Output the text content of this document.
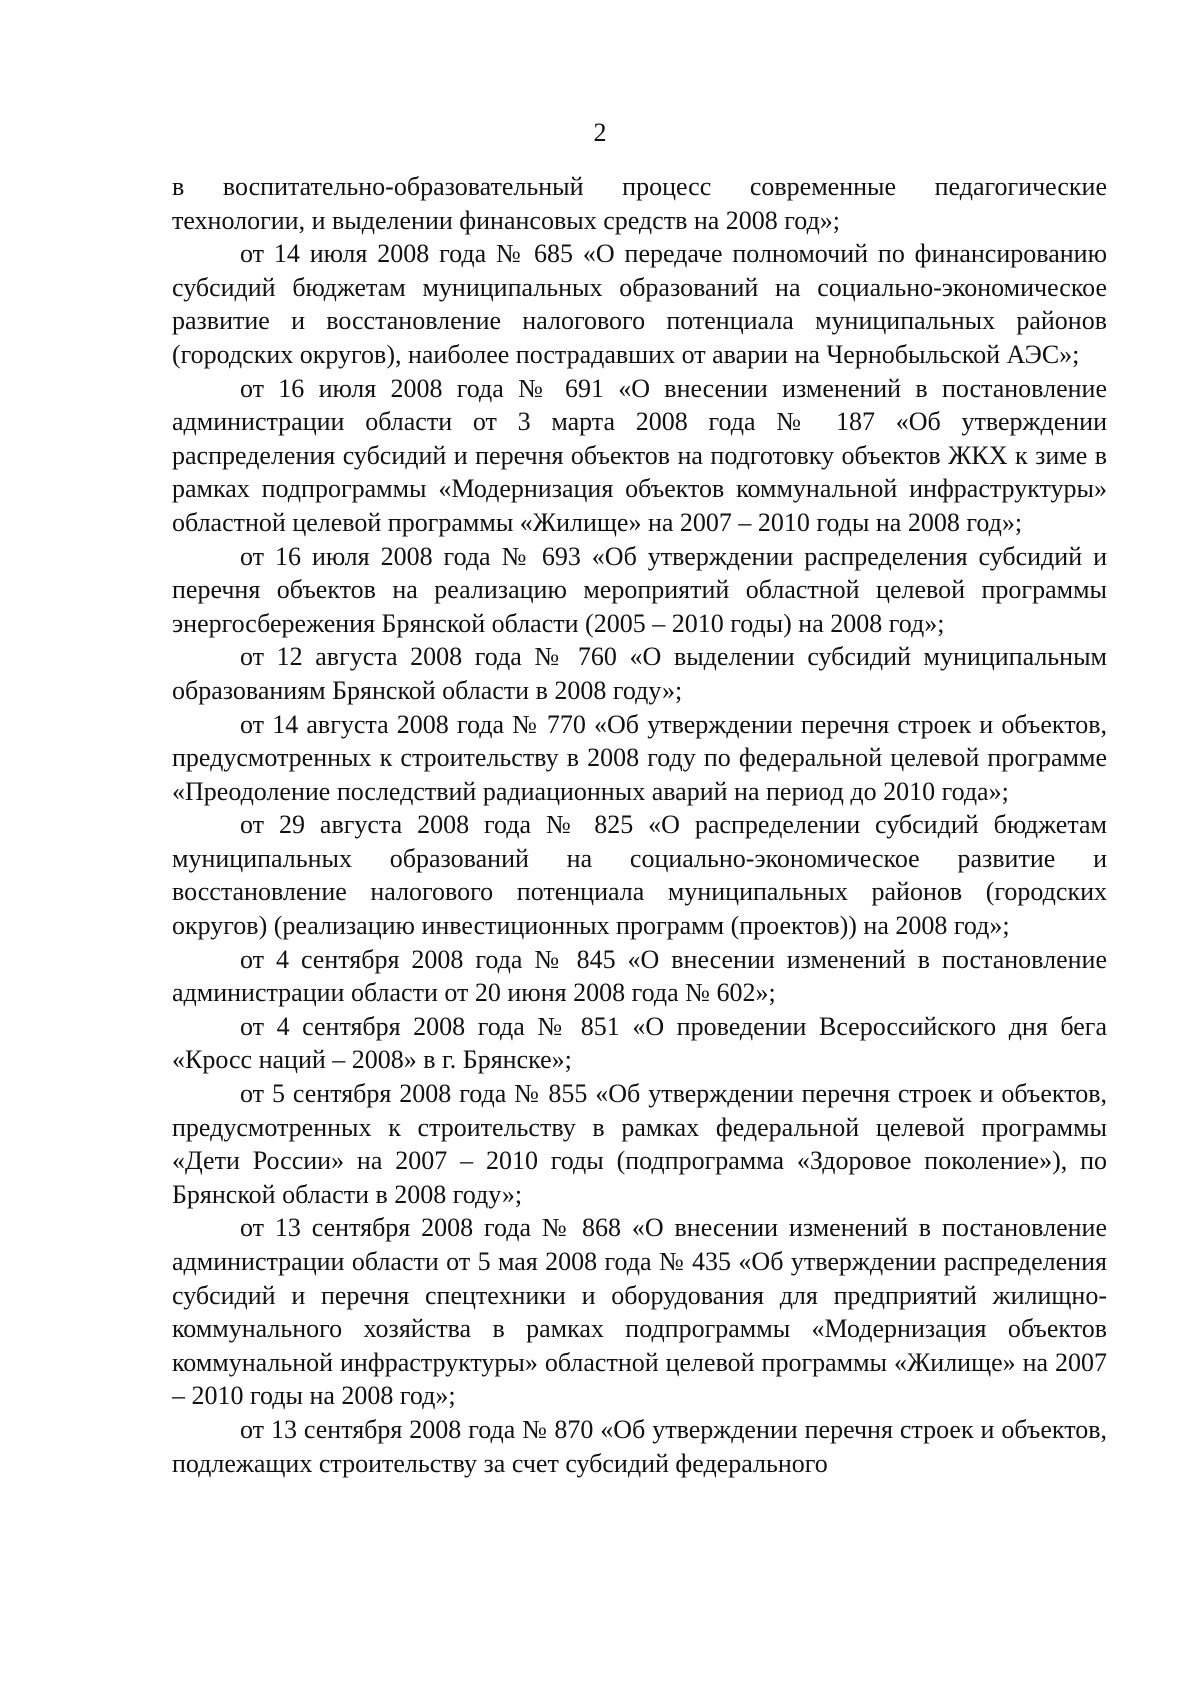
2

в воспитательно-образовательный процесс современные педагогические технологии, и выделении финансовых средств на 2008 год»;

от 14 июля 2008 года № 685 «О передаче полномочий по финансированию субсидий бюджетам муниципальных образований на социально-экономическое развитие и восстановление налогового потенциала муниципальных районов (городских округов), наиболее пострадавших от аварии на Чернобыльской АЭС»;

от 16 июля 2008 года № 691 «О внесении изменений в постановление администрации области от 3 марта 2008 года № 187 «Об утверждении распределения субсидий и перечня объектов на подготовку объектов ЖКХ к зиме в рамках подпрограммы «Модернизация объектов коммунальной инфраструктуры» областной целевой программы «Жилище» на 2007 – 2010 годы на 2008 год»;

от 16 июля 2008 года № 693 «Об утверждении распределения субсидий и перечня объектов на реализацию мероприятий областной целевой программы энергосбережения Брянской области (2005 – 2010 годы) на 2008 год»;

от 12 августа 2008 года № 760 «О выделении субсидий муниципальным образованиям Брянской области в 2008 году»;

от 14 августа 2008 года № 770 «Об утверждении перечня строек и объектов, предусмотренных к строительству в 2008 году по федеральной целевой программе «Преодоление последствий радиационных аварий на период до 2010 года»;

от 29 августа 2008 года № 825 «О распределении субсидий бюджетам муниципальных образований на социально-экономическое развитие и восстановление налогового потенциала муниципальных районов (городских округов) (реализацию инвестиционных программ (проектов)) на 2008 год»;

от 4 сентября 2008 года № 845 «О внесении изменений в постановление администрации области от 20 июня 2008 года № 602»;

от 4 сентября 2008 года № 851 «О проведении Всероссийского дня бега «Кросс наций – 2008» в г. Брянске»;

от 5 сентября 2008 года № 855 «Об утверждении перечня строек и объектов, предусмотренных к строительству в рамках федеральной целевой программы «Дети России» на 2007 – 2010 годы (подпрограмма «Здоровое поколение»), по Брянской области в 2008 году»;

от 13 сентября 2008 года № 868 «О внесении изменений в постановление администрации области от 5 мая 2008 года № 435 «Об утверждении распределения субсидий и перечня спецтехники и оборудования для предприятий жилищно-коммунального хозяйства в рамках подпрограммы «Модернизация объектов коммунальной инфраструктуры» областной целевой программы «Жилище» на 2007 – 2010 годы на 2008 год»;

от 13 сентября 2008 года № 870 «Об утверждении перечня строек и объектов, подлежащих строительству за счет субсидий федерального
